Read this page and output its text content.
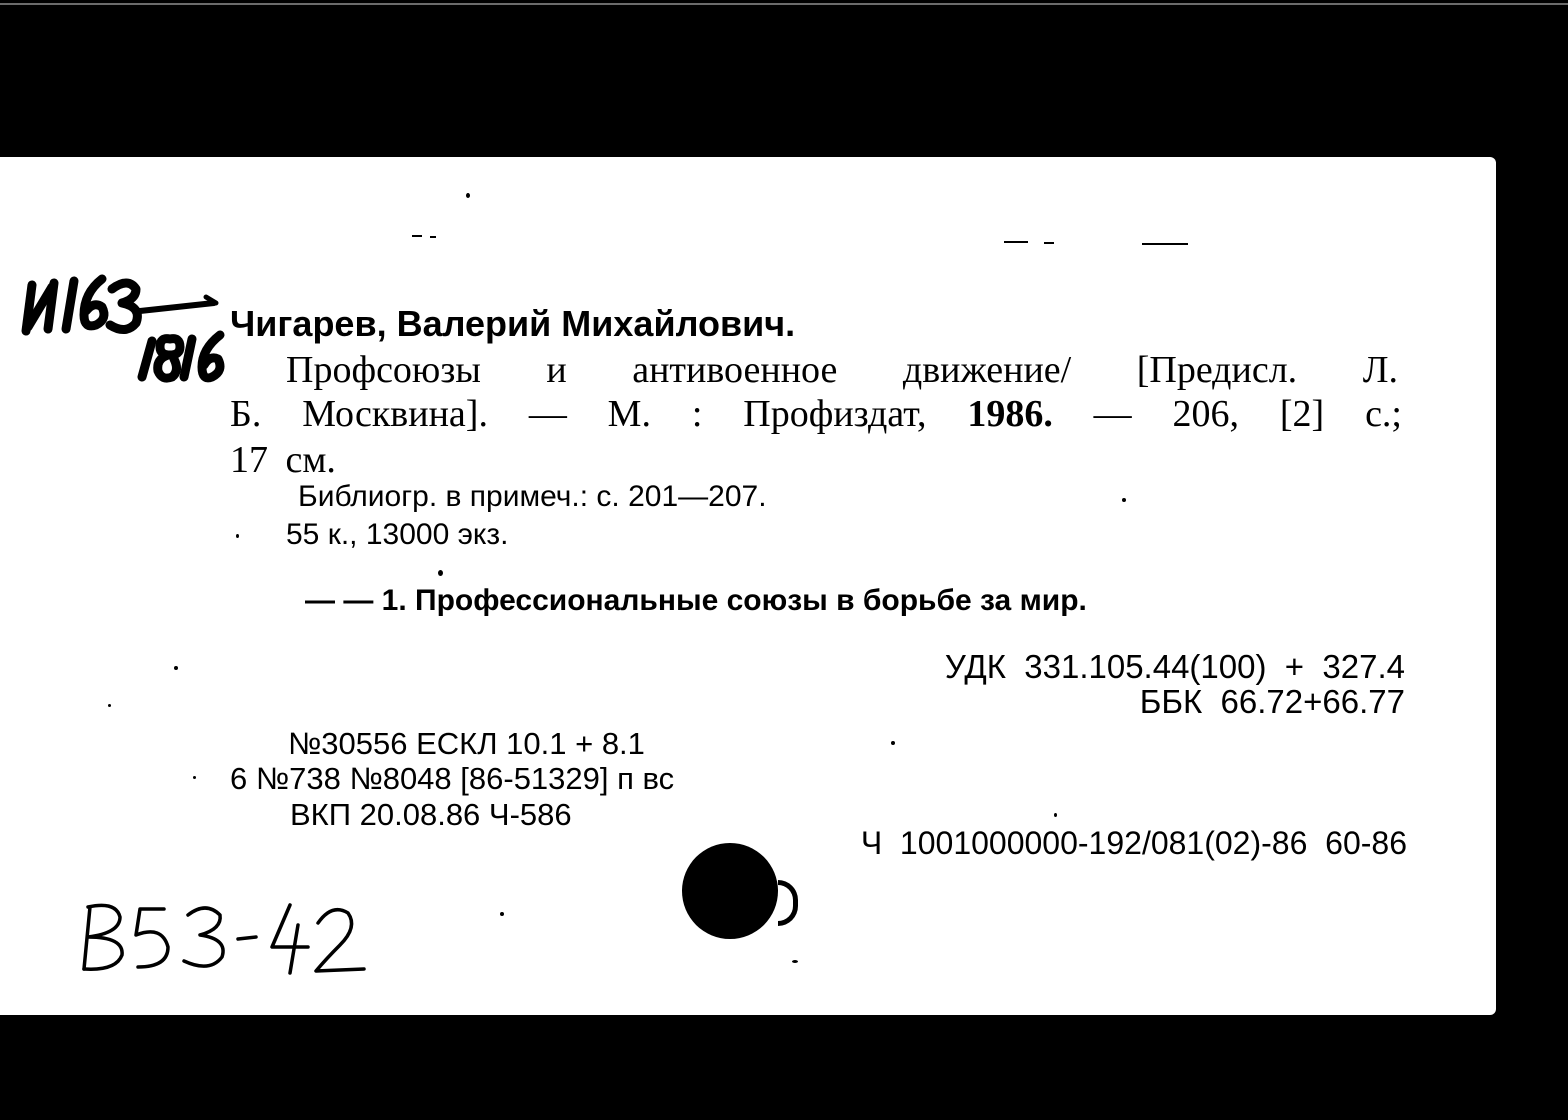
Чигарев, Валерий Михайлович.
Профсоюзы и антивоенное движение/ [Предисл. Л.
Б. Москвина]. — М. : Профиздат, 1986. — 206, [2] с.;
17 см.
Библиогр. в примеч.: с. 201—207.
55 к., 13000 экз.
— — 1. Профессиональные союзы в борьбе за мир.
УДК  331.105.44(100)  +  327.4
ББК  66.72+66.77
№30556 ЕСКЛ 10.1 + 8.1
6 №738 №8048 [86-51329] п вс
ВКП 20.08.86 Ч-586
Ч  1001000000-192/081(02)-86  60-86
